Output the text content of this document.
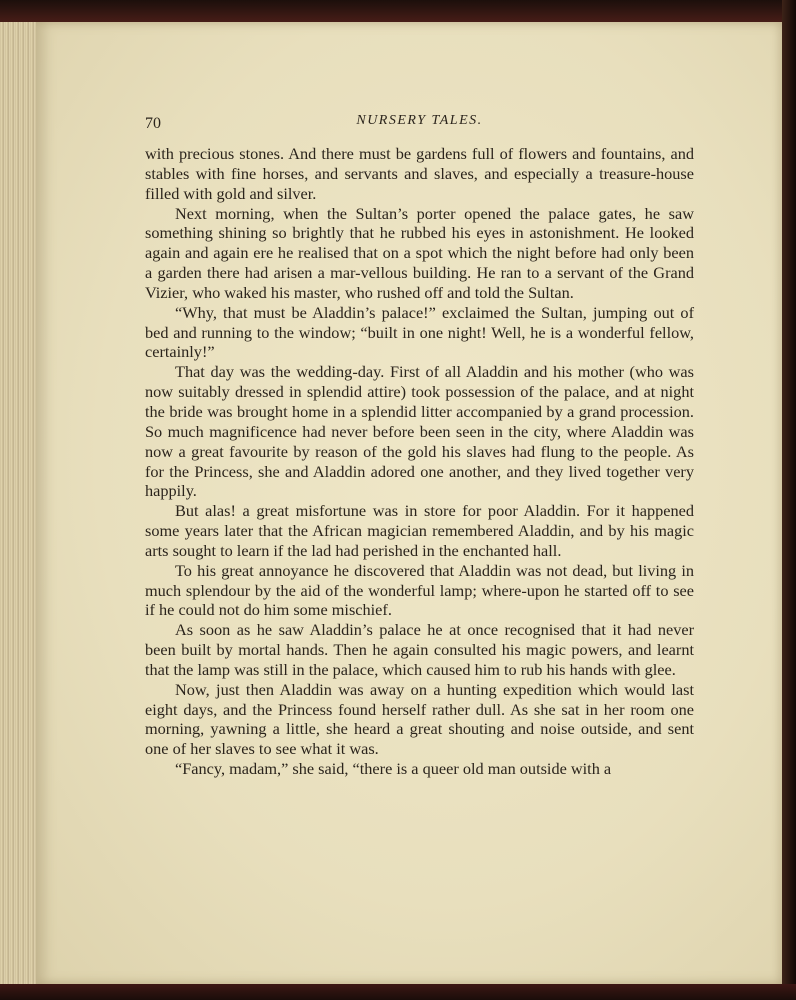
70	NURSERY TALES.

with precious stones. And there must be gardens full of flowers and fountains, and stables with fine horses, and servants and slaves, and especially a treasure-house filled with gold and silver.

Next morning, when the Sultan’s porter opened the palace gates, he saw something shining so brightly that he rubbed his eyes in astonishment. He looked again and again ere he realised that on a spot which the night before had only been a garden there had arisen a mar-vellous building. He ran to a servant of the Grand Vizier, who waked his master, who rushed off and told the Sultan.

“Why, that must be Aladdin’s palace!” exclaimed the Sultan, jumping out of bed and running to the window; “built in one night! Well, he is a wonderful fellow, certainly!”

That day was the wedding-day. First of all Aladdin and his mother (who was now suitably dressed in splendid attire) took possession of the palace, and at night the bride was brought home in a splendid litter accompanied by a grand procession. So much magnificence had never before been seen in the city, where Aladdin was now a great favourite by reason of the gold his slaves had flung to the people. As for the Princess, she and Aladdin adored one another, and they lived together very happily.

But alas! a great misfortune was in store for poor Aladdin. For it happened some years later that the African magician remembered Aladdin, and by his magic arts sought to learn if the lad had perished in the enchanted hall.

To his great annoyance he discovered that Aladdin was not dead, but living in much splendour by the aid of the wonderful lamp; where-upon he started off to see if he could not do him some mischief.

As soon as he saw Aladdin’s palace he at once recognised that it had never been built by mortal hands. Then he again consulted his magic powers, and learnt that the lamp was still in the palace, which caused him to rub his hands with glee.

Now, just then Aladdin was away on a hunting expedition which would last eight days, and the Princess found herself rather dull. As she sat in her room one morning, yawning a little, she heard a great shouting and noise outside, and sent one of her slaves to see what it was.

“Fancy, madam,” she said, “there is a queer old man outside with a
